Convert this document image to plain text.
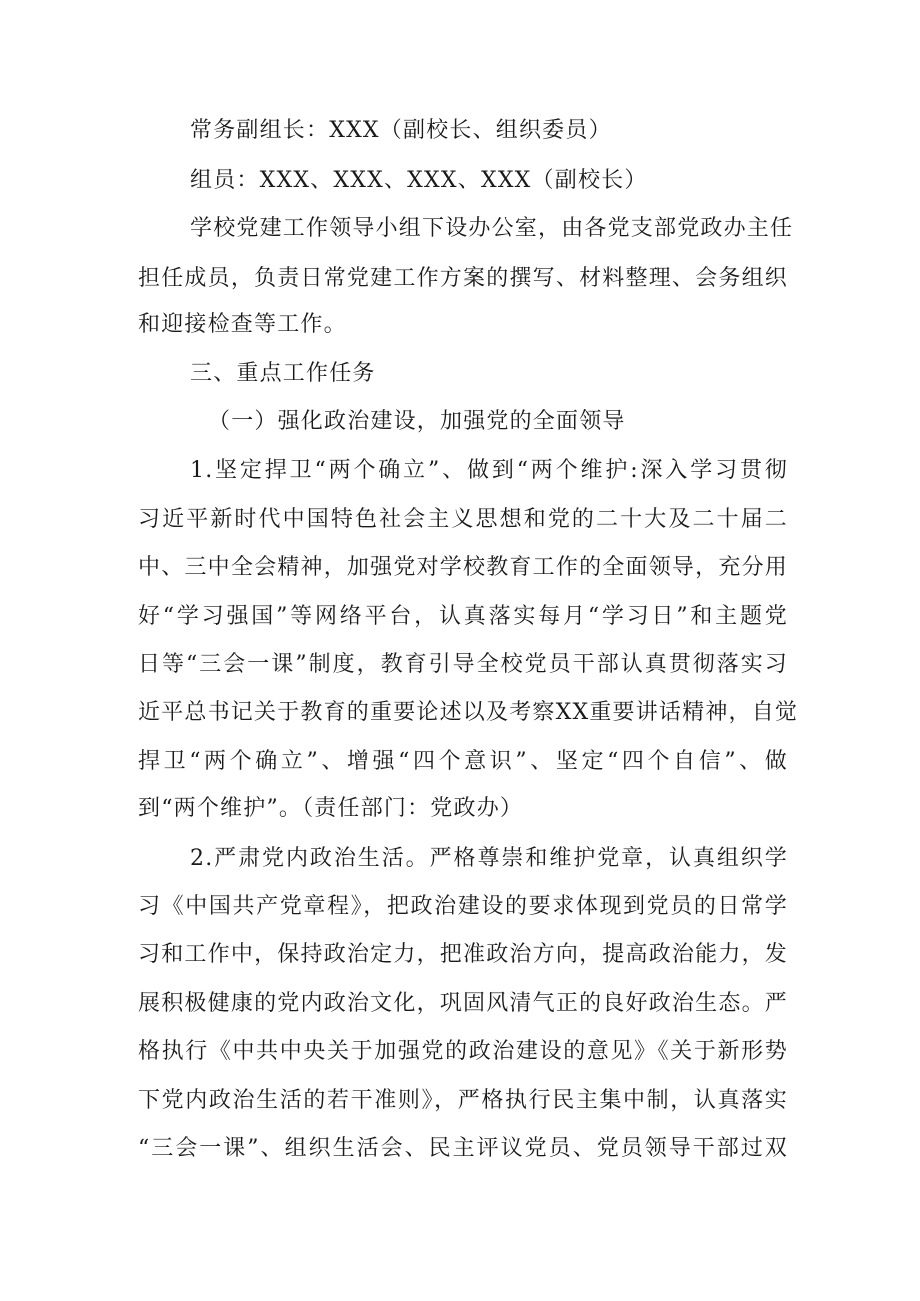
常务副组长：XXX（副校长、组织委员）
组员：XXX、XXX、XXX、XXX（副校长）
学校党建工作领导小组下设办公室，由各党支部党政办主任
担任成员，负责日常党建工作方案的撰写、材料整理、会务组织
和迎接检查等工作。
三、重点工作任务
（一）强化政治建设，加强党的全面领导
1.坚定捍卫“两个确立”、做到“两个维护:深入学习贯彻
习近平新时代中国特色社会主义思想和党的二十大及二十届二
中、三中全会精神，加强党对学校教育工作的全面领导，充分用
好“学习强国”等网络平台，认真落实每月“学习日”和主题党
日等“三会一课”制度，教育引导全校党员干部认真贯彻落实习
近平总书记关于教育的重要论述以及考察XX重要讲话精神，自觉
捍卫“两个确立”、增强“四个意识”、坚定“四个自信”、做
到“两个维护”。（责任部门：党政办）
2.严肃党内政治生活。严格尊崇和维护党章，认真组织学
习《中国共产党章程》，把政治建设的要求体现到党员的日常学
习和工作中，保持政治定力，把准政治方向，提高政治能力，发
展积极健康的党内政治文化，巩固风清气正的良好政治生态。严
格执行《中共中央关于加强党的政治建设的意见》《关于新形势
下党内政治生活的若干准则》，严格执行民主集中制，认真落实
“三会一课”、组织生活会、民主评议党员、党员领导干部过双
